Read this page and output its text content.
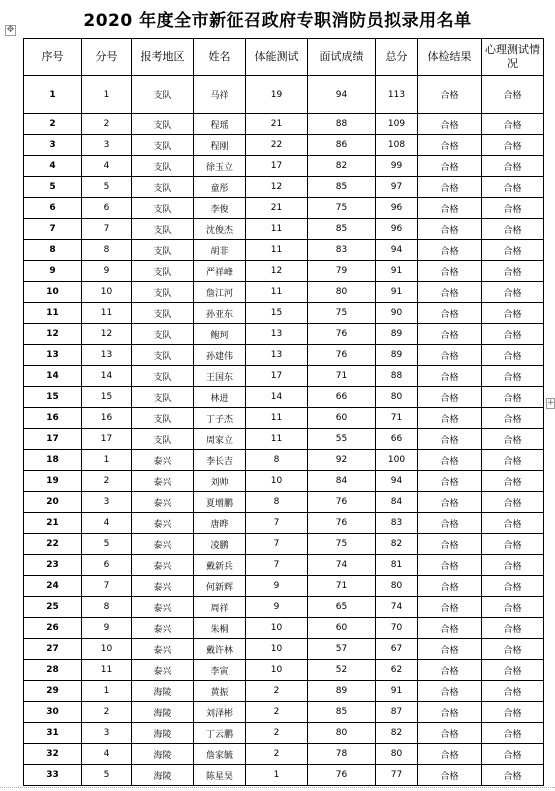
✥
+
2020 年度全市新征召政府专职消防员拟录用名单
序号	分号	报考地区	姓名	体能测试	面试成绩	总分	体检结果	心理测试情况
1	1	支队	马祥	19	94	113	合格	合格
2	2	支队	程瑶	21	88	109	合格	合格
3	3	支队	程刚	22	86	108	合格	合格
4	4	支队	徐玉立	17	82	99	合格	合格
5	5	支队	童彤	12	85	97	合格	合格
6	6	支队	李俊	21	75	96	合格	合格
7	7	支队	沈俊杰	11	85	96	合格	合格
8	8	支队	胡非	11	83	94	合格	合格
9	9	支队	严祥峰	12	79	91	合格	合格
10	10	支队	詹江河	11	80	91	合格	合格
11	11	支队	孙亚东	15	75	90	合格	合格
12	12	支队	鲍珂	13	76	89	合格	合格
13	13	支队	孙建伟	13	76	89	合格	合格
14	14	支队	王国东	17	71	88	合格	合格
15	15	支队	林进	14	66	80	合格	合格
16	16	支队	丁子杰	11	60	71	合格	合格
17	17	支队	周家立	11	55	66	合格	合格
18	1	泰兴	李长吉	8	92	100	合格	合格
19	2	泰兴	刘帅	10	84	94	合格	合格
20	3	泰兴	夏增鹏	8	76	84	合格	合格
21	4	泰兴	唐晔	7	76	83	合格	合格
22	5	泰兴	凌鹏	7	75	82	合格	合格
23	6	泰兴	戴新兵	7	74	81	合格	合格
24	7	泰兴	何新辉	9	71	80	合格	合格
25	8	泰兴	周祥	9	65	74	合格	合格
26	9	泰兴	朱桐	10	60	70	合格	合格
27	10	泰兴	戴许林	10	57	67	合格	合格
28	11	泰兴	李寅	10	52	62	合格	合格
29	1	海陵	黄振	2	89	91	合格	合格
30	2	海陵	刘泽彬	2	85	87	合格	合格
31	3	海陵	丁云鹏	2	80	82	合格	合格
32	4	海陵	詹家毓	2	78	80	合格	合格
33	5	海陵	陈星昊	1	76	77	合格	合格
